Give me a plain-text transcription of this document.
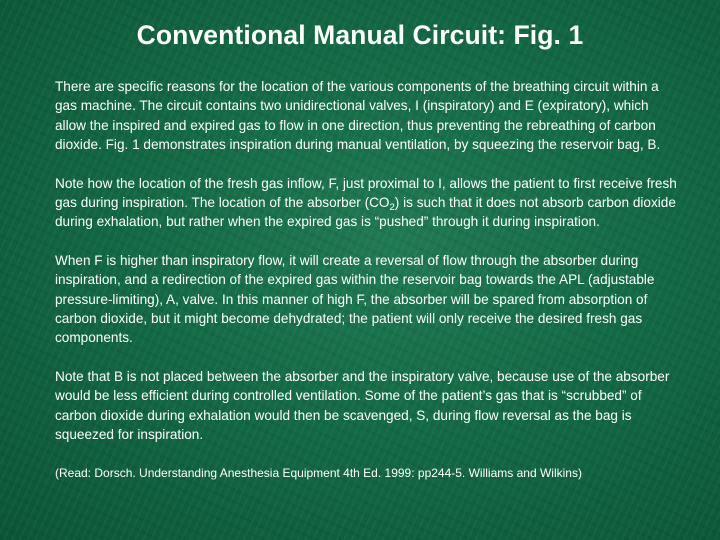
Conventional Manual Circuit: Fig. 1

There are specific reasons for the location of the various components of the breathing circuit within a gas machine. The circuit contains two unidirectional valves, I (inspiratory) and E (expiratory), which allow the inspired and expired gas to flow in one direction, thus preventing the rebreathing of carbon dioxide. Fig. 1 demonstrates inspiration during manual ventilation, by squeezing the reservoir bag, B.

Note how the location of the fresh gas inflow, F, just proximal to I, allows the patient to first receive fresh gas during inspiration. The location of the absorber $(CO_2)$ is such that it does not absorb carbon dioxide during exhalation, but rather when the expired gas is “pushed” through it during inspiration.

When F is higher than inspiratory flow, it will create a reversal of flow through the absorber during inspiration, and a redirection of the expired gas within the reservoir bag towards the APL (adjustable pressure-limiting), A, valve. In this manner of high F, the absorber will be spared from absorption of carbon dioxide, but it might become dehydrated; the patient will only receive the desired fresh gas components.

Note that B is not placed between the absorber and the inspiratory valve, because use of the absorber would be less efficient during controlled ventilation. Some of the patient’s gas that is “scrubbed” of carbon dioxide during exhalation would then be scavenged, S, during flow reversal as the bag is squeezed for inspiration.

(Read: Dorsch. Understanding Anesthesia Equipment 4th Ed. 1999: pp244-5. Williams and Wilkins)
